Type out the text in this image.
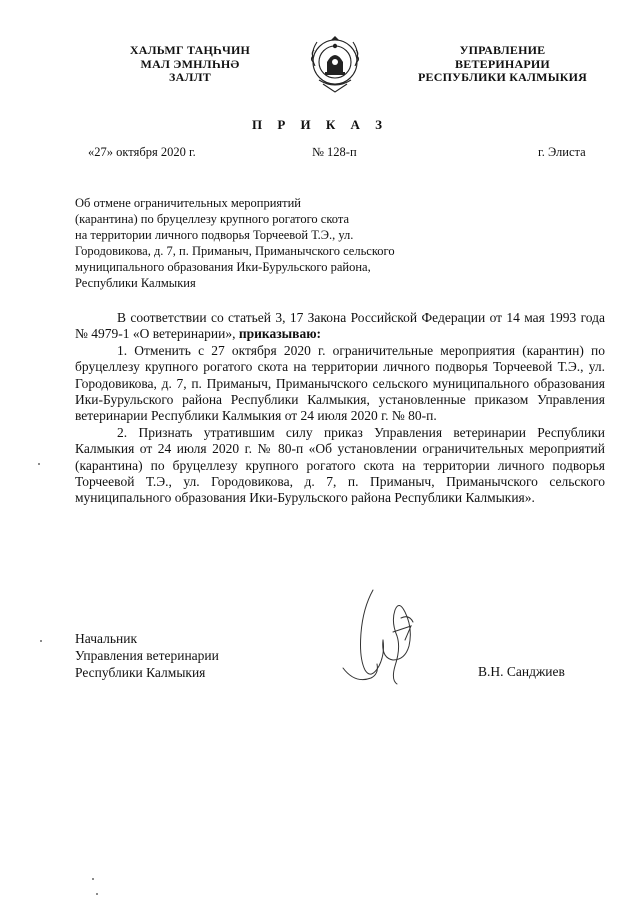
ХАЛЬМГ ТАҢҺЧИН
МАЛ ЭМНЛҺНӘ
ЗАЛЛТ
УПРАВЛЕНИЕ
ВЕТЕРИНАРИИ
РЕСПУБЛИКИ КАЛМЫКИЯ
П Р И К А З
«27» октября 2020 г.	№ 128-п	г. Элиста
Об отмене ограничительных мероприятий
(карантина) по бруцеллезу крупного рогатого скота
на территории личного подворья Торчеевой Т.Э., ул.
Городовикова, д. 7, п. Приманыч, Приманычского сельского
муниципального образования Ики-Бурульского района,
Республики Калмыкия

В соответствии со статьей 3, 17 Закона Российской Федерации от 14 мая 1993 года № 4979-1 «О ветеринарии», приказываю:

1. Отменить с 27 октября 2020 г. ограничительные мероприятия (карантин) по бруцеллезу крупного рогатого скота на территории личного подворья Торчеевой Т.Э., ул. Городовикова, д. 7, п. Приманыч, Приманычского сельского муниципального образования Ики-Бурульского района Республики Калмыкия, установленные приказом Управления ветеринарии Республики Калмыкия от 24 июля 2020 г. № 80-п.

2. Признать утратившим силу приказ Управления ветеринарии Республики Калмыкия от 24 июля 2020 г. № 80-п «Об установлении ограничительных мероприятий (карантина) по бруцеллезу крупного рогатого скота на территории личного подворья Торчеевой Т.Э., ул. Городовикова, д. 7, п. Приманыч, Приманычского сельского муниципального образования Ики-Бурульского района Республики Калмыкия».

Начальник
Управления ветеринарии
Республики Калмыкия	В.Н. Санджиев
